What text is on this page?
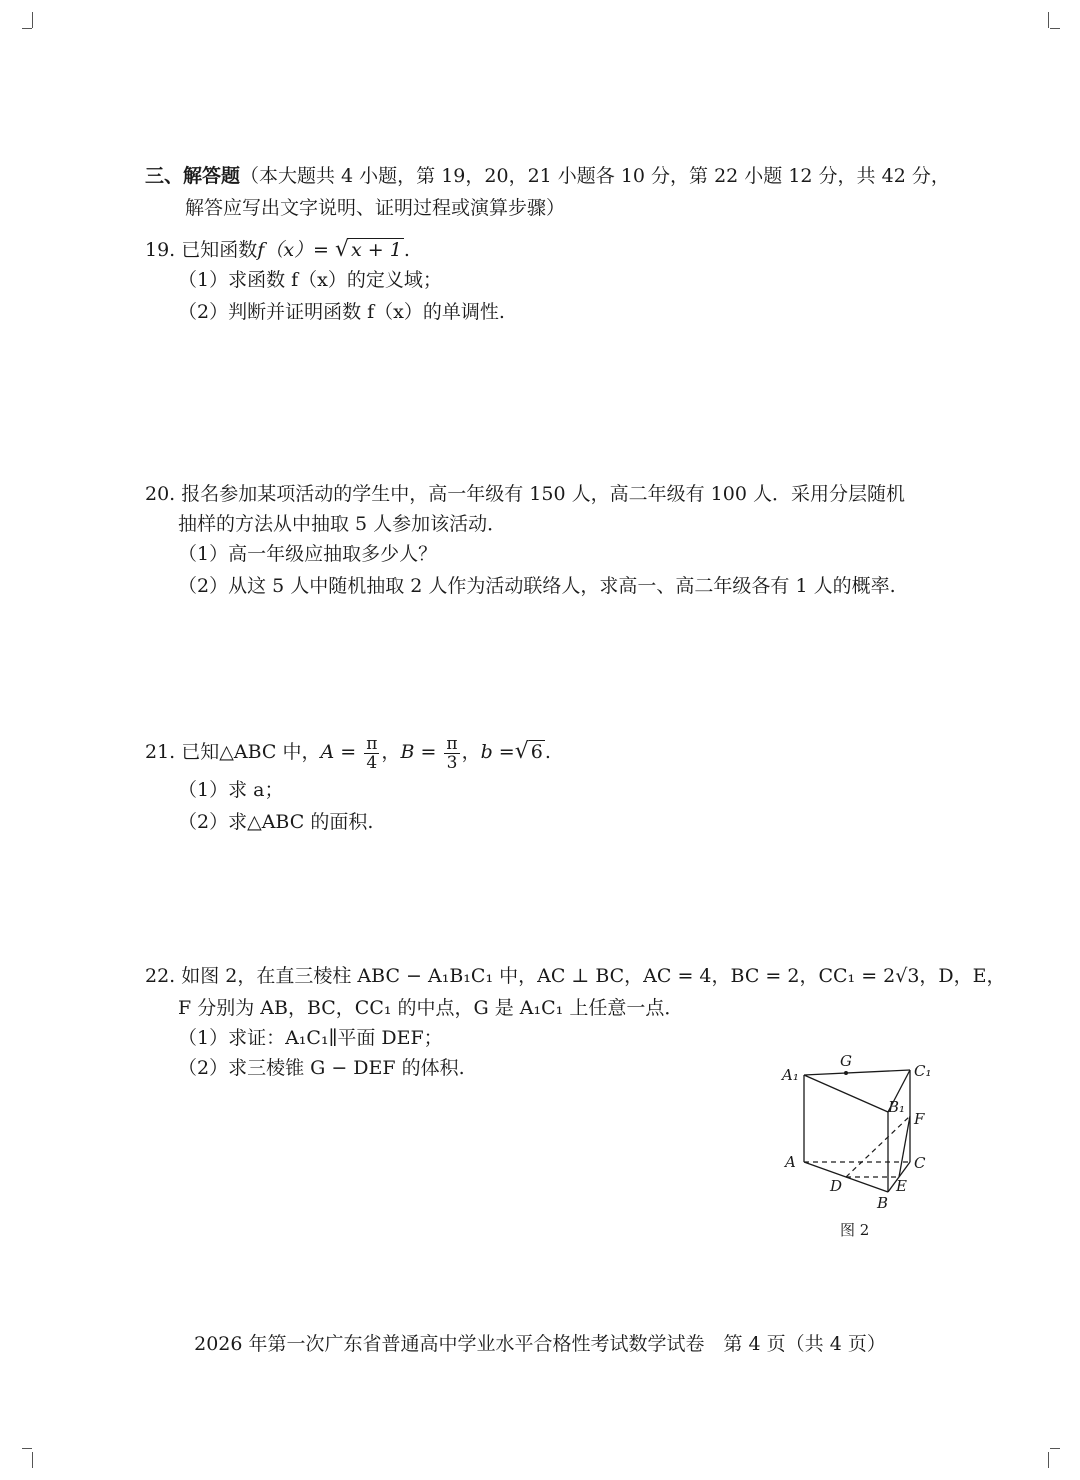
三、解答题（本大题共 4 小题，第 19，20，21 小题各 10 分，第 22 小题 12 分，共 42 分，
解答应写出文字说明、证明过程或演算步骤）
19. 已知函数f（x）= √ x + 1 .
（1）求函数 f（x）的定义域；
（2）判断并证明函数 f（x）的单调性.
20. 报名参加某项活动的学生中，高一年级有 150 人，高二年级有 100 人．采用分层随机
抽样的方法从中抽取 5 人参加该活动．
（1）高一年级应抽取多少人？
（2）从这 5 人中随机抽取 2 人作为活动联络人，求高一、高二年级各有 1 人的概率.
21. 已知△ABC 中，$A = \frac{\pi}{4}$ ，$B = \frac{\pi}{3}$ ，b =√ 6 .
（1）求 a；
（2）求△ABC 的面积.
22. 如图 2，在直三棱柱 ABC − A₁B₁C₁ 中，AC ⊥ BC，AC = 4，BC = 2，CC₁ = 2√3，D，E，
F 分别为 AB，BC，CC₁ 的中点，G 是 A₁C₁ 上任意一点．
（1）求证：A₁C₁∥平面 DEF；
（2）求三棱锥 G − DEF 的体积.	A₁
G
C₁
B₁
F
A	C
D	E
B
图 2
2026 年第一次广东省普通高中学业水平合格性考试数学试卷　第 4 页（共 4 页）
